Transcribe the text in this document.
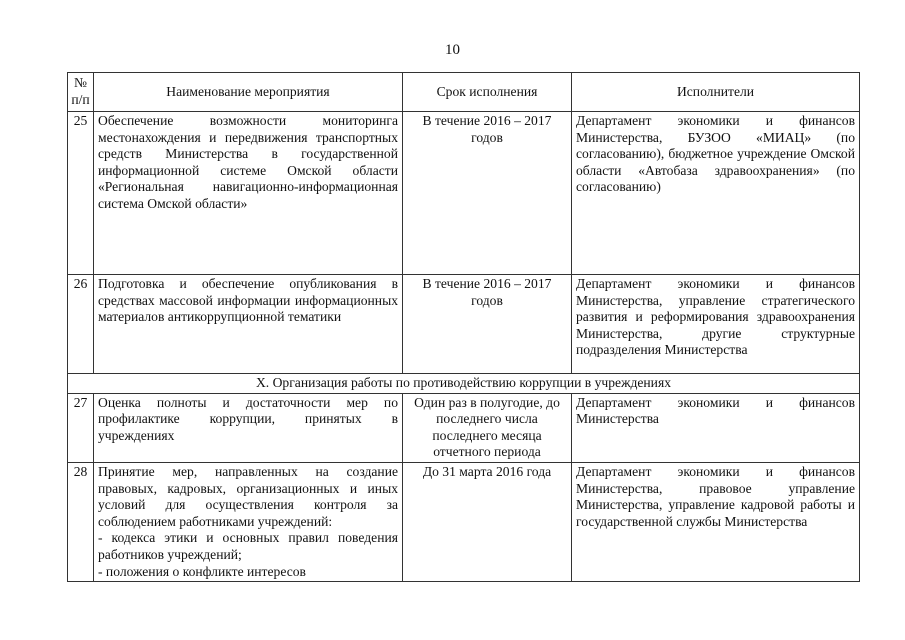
10
№ п/п	Наименование мероприятия	Срок исполнения	Исполнители
25	Обеспечение возможности мониторинга местонахождения и передвижения транспортных средств Министерства в государственной информационной системе Омской области «Региональная навигационно-информационная система Омской области»	В течение 2016 – 2017 годов	Департамент экономики и финансов Министерства, БУЗОО «МИАЦ» (по согласованию), бюджетное учреждение Омской области «Автобаза здравоохранения» (по согласованию)
26	Подготовка и обеспечение опубликования в средствах массовой информации информационных материалов антикоррупционной тематики	В течение 2016 – 2017 годов	Департамент экономики и финансов Министерства, управление стратегического развития и реформирования здравоохранения Министерства, другие структурные подразделения Министерства
X. Организация работы по противодействию коррупции в учреждениях			
27	Оценка полноты и достаточности мер по профилактике коррупции, принятых в учреждениях	Один раз в полугодие, до последнего числа последнего месяца отчетного периода	Департамент экономики и финансов Министерства
28	Принятие мер, направленных на создание правовых, кадровых, организационных и иных условий для осуществления контроля за соблюдением работниками учреждений:
- кодекса этики и основных правил поведения работников учреждений;
- положения о конфликте интересов	До 31 марта 2016 года	Департамент экономики и финансов Министерства, правовое управление Министерства, управление кадровой работы и государственной службы Министерства
